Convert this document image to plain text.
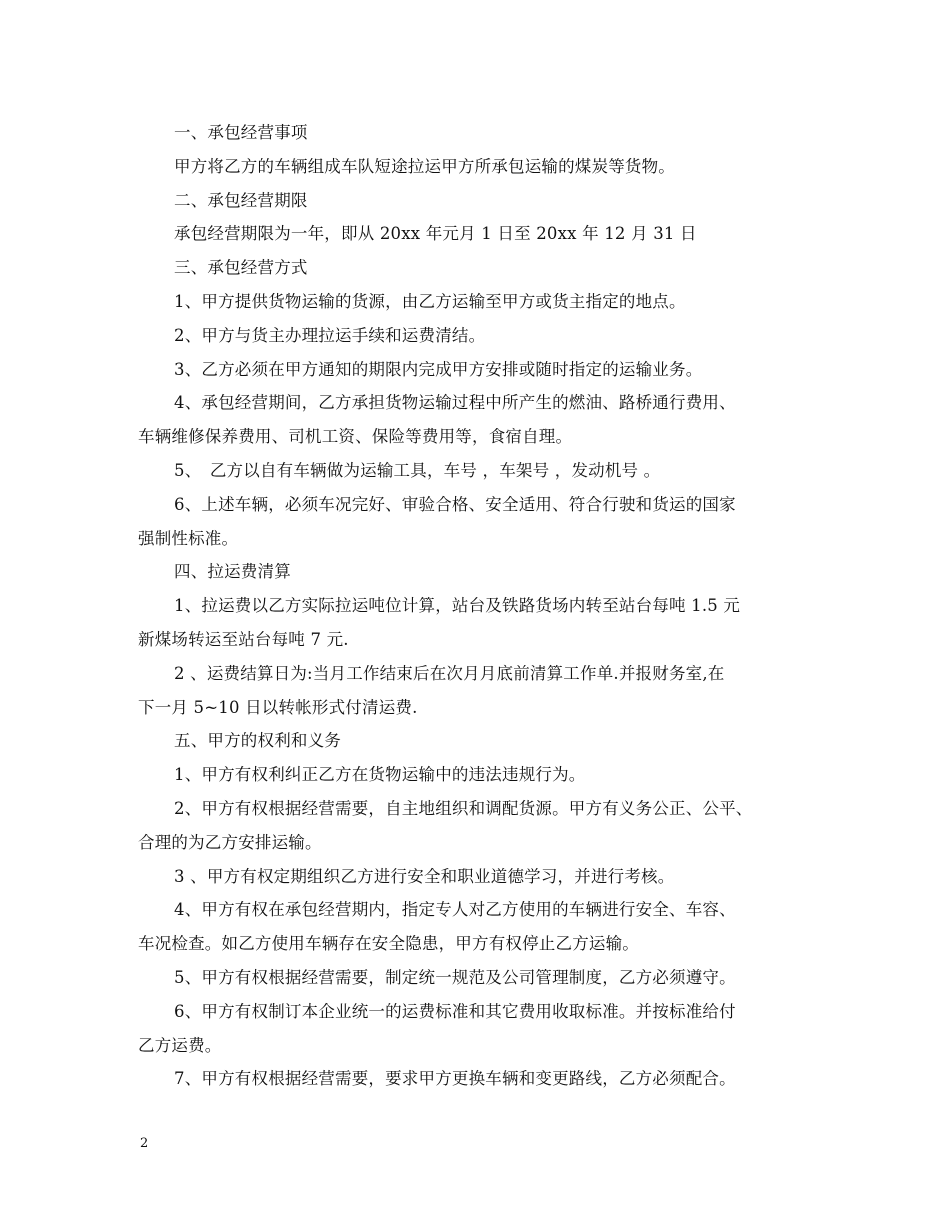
一、承包经营事项
甲方将乙方的车辆组成车队短途拉运甲方所承包运输的煤炭等货物。
二、承包经营期限
承包经营期限为一年，即从 20xx 年元月 1 日至 20xx 年 12 月 31 日
三、承包经营方式
1、甲方提供货物运输的货源，由乙方运输至甲方或货主指定的地点。
2、甲方与货主办理拉运手续和运费清结。
3、乙方必须在甲方通知的期限内完成甲方安排或随时指定的运输业务。
4、承包经营期间，乙方承担货物运输过程中所产生的燃油、路桥通行费用、
车辆维修保养费用、司机工资、保险等费用等，食宿自理。
5、　乙方以自有车辆做为运输工具，车号 ，车架号 ，发动机号 。
6、上述车辆，必须车况完好、审验合格、安全适用、符合行驶和货运的国家
强制性标准。
四、拉运费清算
1、拉运费以乙方实际拉运吨位计算，站台及铁路货场内转至站台每吨 1.5 元
新煤场转运至站台每吨 7 元.
2 、运费结算日为:当月工作结束后在次月月底前清算工作单.并报财务室,在
下一月 5~10 日以转帐形式付清运费.
五、甲方的权利和义务
1、甲方有权利纠正乙方在货物运输中的违法违规行为。
2、甲方有权根据经营需要，自主地组织和调配货源。甲方有义务公正、公平、
合理的为乙方安排运输。
3 、甲方有权定期组织乙方进行安全和职业道德学习，并进行考核。
4、甲方有权在承包经营期内，指定专人对乙方使用的车辆进行安全、车容、
车况检查。如乙方使用车辆存在安全隐患，甲方有权停止乙方运输。
5、甲方有权根据经营需要，制定统一规范及公司管理制度，乙方必须遵守。
6、甲方有权制订本企业统一的运费标准和其它费用收取标准。并按标准给付
乙方运费。
7、甲方有权根据经营需要，要求甲方更换车辆和变更路线，乙方必须配合。
2
